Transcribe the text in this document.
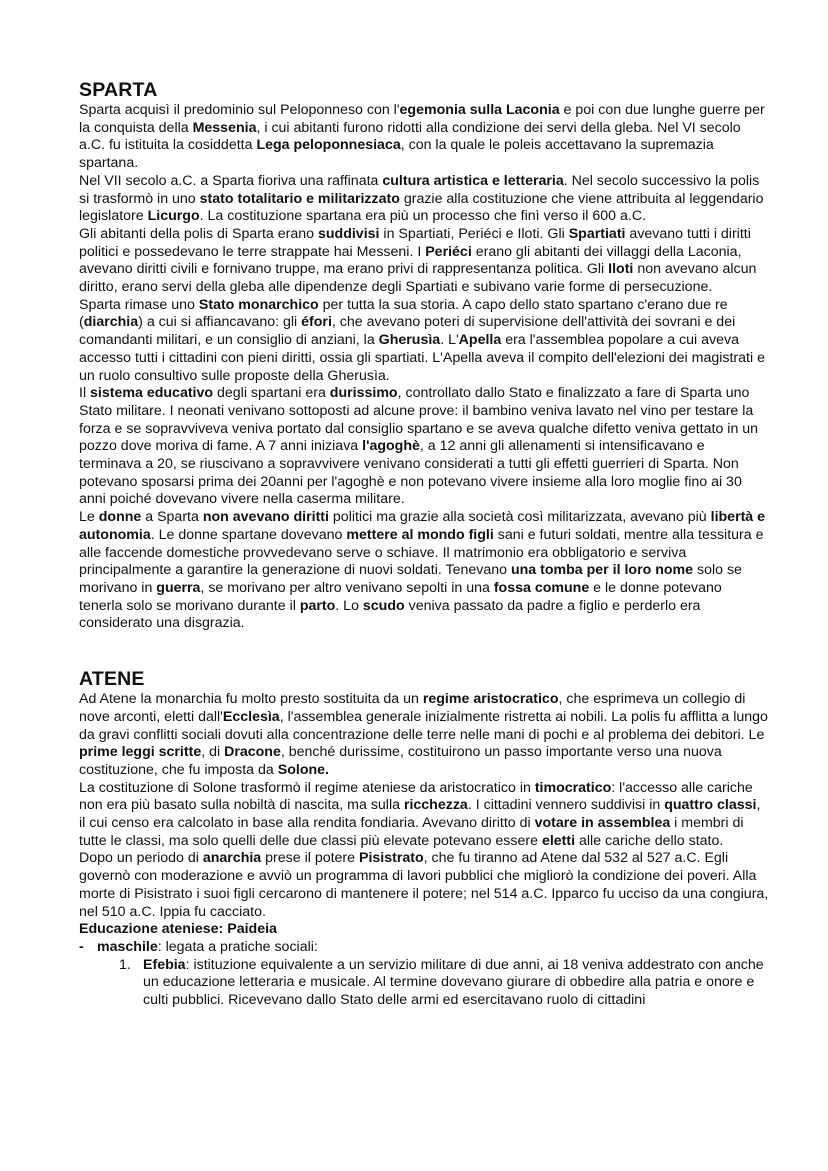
SPARTA

Sparta acquisì il predominio sul Peloponneso con l'egemonia sulla Laconia e poi con due lunghe guerre per la conquista della Messenia, i cui abitanti furono ridotti alla condizione dei servi della gleba. Nel VI secolo a.C. fu istituita la cosiddetta Lega peloponnesiaca, con la quale le poleis accettavano la supremazia spartana.

Nel VII secolo a.C. a Sparta fioriva una raffinata cultura artistica e letteraria. Nel secolo successivo la polis si trasformò in uno stato totalitario e militarizzato grazie alla costituzione che viene attribuita al leggendario legislatore Licurgo. La costituzione spartana era più un processo che finì verso il 600 a.C.

Gli abitanti della polis di Sparta erano suddivisi in Spartiati, Periéci e Iloti. Gli Spartiati avevano tutti i diritti politici e possedevano le terre strappate hai Messeni. I Periéci erano gli abitanti dei villaggi della Laconia, avevano diritti civili e fornivano truppe, ma erano privi di rappresentanza politica. Gli Iloti non avevano alcun diritto, erano servi della gleba alle dipendenze degli Spartiati e subivano varie forme di persecuzione.

Sparta rimase uno Stato monarchico per tutta la sua storia. A capo dello stato spartano c'erano due re (diarchia) a cui si affiancavano: gli éfori, che avevano poteri di supervisione dell'attività dei sovrani e dei comandanti militari, e un consiglio di anziani, la Gherusìa. L'Apella era l'assemblea popolare a cui aveva accesso tutti i cittadini con pieni diritti, ossia gli spartiati. L'Apella aveva il compito dell'elezioni dei magistrati e un ruolo consultivo sulle proposte della Gherusìa.

Il sistema educativo degli spartani era durissimo, controllato dallo Stato e finalizzato a fare di Sparta uno Stato militare. I neonati venivano sottoposti ad alcune prove: il bambino veniva lavato nel vino per testare la forza e se sopravviveva veniva portato dal consiglio spartano e se aveva qualche difetto veniva gettato in un pozzo dove moriva di fame. A 7 anni iniziava l'agoghè, a 12 anni gli allenamenti si intensificavano e terminava a 20, se riuscivano a sopravvivere venivano considerati a tutti gli effetti guerrieri di Sparta. Non potevano sposarsi prima dei 20anni per l'agoghè e non potevano vivere insieme alla loro moglie fino ai 30 anni poiché dovevano vivere nella caserma militare.

Le donne a Sparta non avevano diritti politici ma grazie alla società così militarizzata, avevano più libertà e autonomia. Le donne spartane dovevano mettere al mondo figli sani e futuri soldati, mentre alla tessitura e alle faccende domestiche provvedevano serve o schiave. Il matrimonio era obbligatorio e serviva principalmente a garantire la generazione di nuovi soldati. Tenevano una tomba per il loro nome solo se morivano in guerra, se morivano per altro venivano sepolti in una fossa comune e le donne potevano tenerla solo se morivano durante il parto. Lo scudo veniva passato da padre a figlio e perderlo era considerato una disgrazia.

ATENE

Ad Atene la monarchia fu molto presto sostituita da un regime aristocratico, che esprimeva un collegio di nove arconti, eletti dall'Ecclesìa, l'assemblea generale inizialmente ristretta ai nobili. La polis fu afflitta a lungo da gravi conflitti sociali dovuti alla concentrazione delle terre nelle mani di pochi e al problema dei debitori. Le prime leggi scritte, di Dracone, benché durissime, costituirono un passo importante verso una nuova costituzione, che fu imposta da Solone.

La costituzione di Solone trasformò il regime ateniese da aristocratico in timocratico: l'accesso alle cariche non era più basato sulla nobiltà di nascita, ma sulla ricchezza. I cittadini vennero suddivisi in quattro classi, il cui censo era calcolato in base alla rendita fondiaria. Avevano diritto di votare in assemblea i membri di tutte le classi, ma solo quelli delle due classi più elevate potevano essere eletti alle cariche dello stato.

Dopo un periodo di anarchia prese il potere Pisistrato, che fu tiranno ad Atene dal 532 al 527 a.C. Egli governò con moderazione e avviò un programma di lavori pubblici che migliorò la condizione dei poveri. Alla morte di Pisistrato i suoi figli cercarono di mantenere il potere; nel 514 a.C. Ipparco fu ucciso da una congiura, nel 510 a.C. Ippia fu cacciato.

Educazione ateniese: Paideia

- maschile: legata a pratiche sociali:
1. Efebia: istituzione equivalente a un servizio militare di due anni, ai 18 veniva addestrato con anche un educazione letteraria e musicale. Al termine dovevano giurare di obbedire alla patria e onore e culti pubblici. Ricevevano dallo Stato delle armi ed esercitavano ruolo di cittadini
